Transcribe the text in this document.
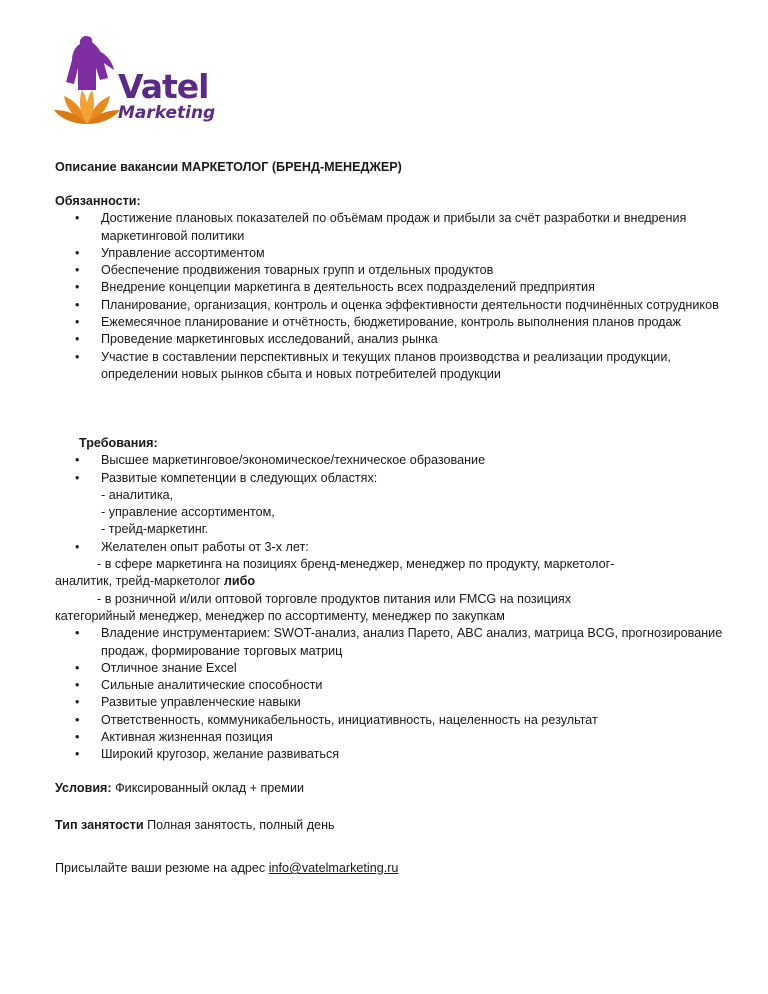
Vatel
Marketing
Описание вакансии МАРКЕТОЛОГ (БРЕНД-МЕНЕДЖЕР)
Обязанности:
• Достижение плановых показателей по объёмам продаж и прибыли за счёт разработки и внедрения маркетинговой политики
• Управление ассортиментом
• Обеспечение продвижения товарных групп и отдельных продуктов
• Внедрение концепции маркетинга в деятельность всех подразделений предприятия
• Планирование, организация, контроль и оценка эффективности деятельности подчинённых сотрудников
• Ежемесячное планирование и отчётность, бюджетирование, контроль выполнения планов продаж
• Проведение маркетинговых исследований, анализ рынка
• Участие в составлении перспективных и текущих планов производства и реализации продукции, определении новых рынков сбыта и новых потребителей продукции
Требования:
• Высшее маркетинговое/экономическое/техническое образование
• Развитые компетенции в следующих областях:
- аналитика,
- управление ассортиментом,
- трейд-маркетинг.
• Желателен опыт работы от 3-х лет:
- в сфере маркетинга на позициях бренд-менеджер, менеджер по продукту, маркетолог-
аналитик, трейд-маркетолог либо
- в розничной и/или оптовой торговле продуктов питания или FMCG на позициях
категорийный менеджер, менеджер по ассортименту, менеджер по закупкам
• Владение инструментарием: SWOT-анализ, анализ Парето, ABC анализ, матрица BCG, прогнозирование продаж, формирование торговых матриц
• Отличное знание Excel
• Сильные аналитические способности
• Развитые управленческие навыки
• Ответственность, коммуникабельность, инициативность, нацеленность на результат
• Активная жизненная позиция
• Широкий кругозор, желание развиваться
Условия: Фиксированный оклад + премии
Тип занятости Полная занятость, полный день
Присылайте ваши резюме на адрес info@vatelmarketing.ru
